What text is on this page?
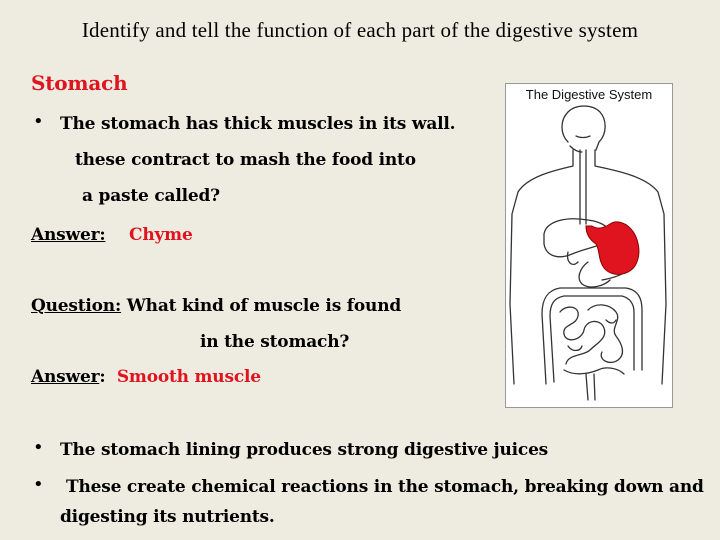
Identify and tell the function of each part of the digestive system
Stomach
• The stomach has thick muscles in its wall.
these contract to mash the food into
a paste called?
Answer: Chyme
Question: What kind of muscle is found
in the stomach?
Answer: Smooth muscle
• The stomach lining produces strong digestive juices
• These create chemical reactions in the stomach, breaking down and
digesting its nutrients.
The Digestive System
